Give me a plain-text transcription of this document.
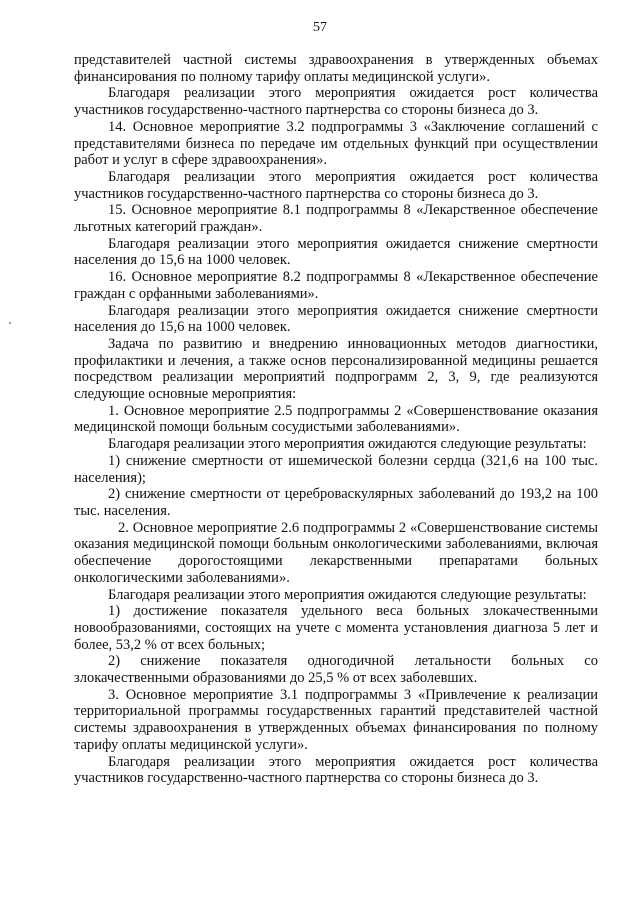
57

представителей частной системы здравоохранения в утвержденных объемах финансирования по полному тарифу оплаты медицинской услуги».

Благодаря реализации этого мероприятия ожидается рост количества участников государственно-частного партнерства со стороны бизнеса до 3.

14. Основное мероприятие 3.2 подпрограммы 3 «Заключение соглашений с представителями бизнеса по передаче им отдельных функций при осуществлении работ и услуг в сфере здравоохранения».

Благодаря реализации этого мероприятия ожидается рост количества участников государственно-частного партнерства со стороны бизнеса до 3.

15. Основное мероприятие 8.1 подпрограммы 8 «Лекарственное обеспечение льготных категорий граждан».

Благодаря реализации этого мероприятия ожидается снижение смертности населения до 15,6 на 1000 человек.

16. Основное мероприятие 8.2 подпрограммы 8 «Лекарственное обеспечение граждан с орфанными заболеваниями».

Благодаря реализации этого мероприятия ожидается снижение смертности населения до 15,6 на 1000 человек.

Задача по развитию и внедрению инновационных методов диагностики, профилактики и лечения, а также основ персонализированной медицины решается посредством реализации мероприятий подпрограмм 2, 3, 9, где реализуются следующие основные мероприятия:

1. Основное мероприятие 2.5 подпрограммы 2 «Совершенствование оказания медицинской помощи больным сосудистыми заболеваниями».

Благодаря реализации этого мероприятия ожидаются следующие результаты:

1) снижение смертности от ишемической болезни сердца (321,6 на 100 тыс. населения);

2) снижение смертности от цереброваскулярных заболеваний до 193,2 на 100 тыс. населения.

2. Основное мероприятие 2.6 подпрограммы 2 «Совершенствование системы оказания медицинской помощи больным онкологическими заболеваниями, включая обеспечение дорогостоящими лекарственными препаратами больных онкологическими заболеваниями».

Благодаря реализации этого мероприятия ожидаются следующие результаты:

1) достижение показателя удельного веса больных злокачественными новообразованиями, состоящих на учете с момента установления диагноза 5 лет и более, 53,2 % от всех больных;

2) снижение показателя одногодичной летальности больных со злокачественными образованиями до 25,5 % от всех заболевших.

3. Основное мероприятие 3.1 подпрограммы 3 «Привлечение к реализации территориальной программы государственных гарантий представителей частной системы здравоохранения в утвержденных объемах финансирования по полному тарифу оплаты медицинской услуги».

Благодаря реализации этого мероприятия ожидается рост количества участников государственно-частного партнерства со стороны бизнеса до 3.
